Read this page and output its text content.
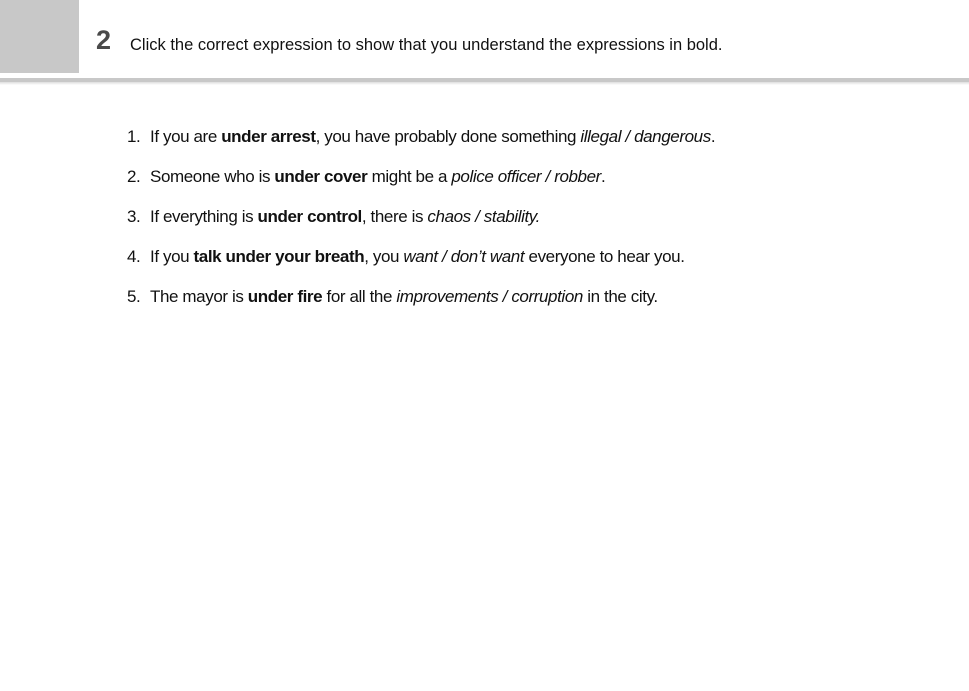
2 Click the correct expression to show that you understand the expressions in bold.
1. If you are under arrest, you have probably done something illegal / dangerous.
2. Someone who is under cover might be a police officer / robber.
3. If everything is under control, there is chaos / stability.
4. If you talk under your breath, you want / don’t want everyone to hear you.
5. The mayor is under fire for all the improvements / corruption in the city.
